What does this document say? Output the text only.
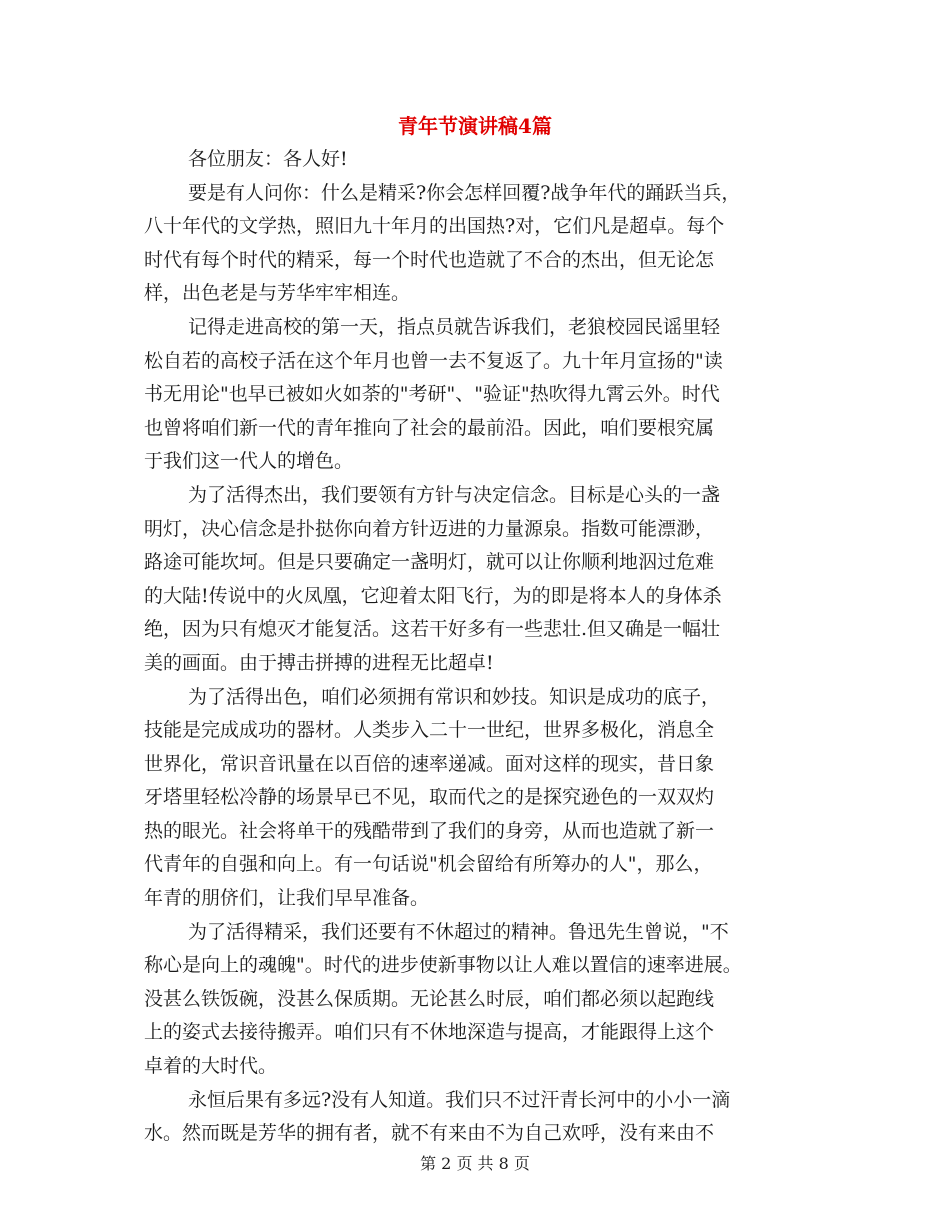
青年节演讲稿4篇
各位朋友：各人好!
要是有人问你：什么是精采?你会怎样回覆?战争年代的踊跃当兵，
八十年代的文学热，照旧九十年月的出国热?对，它们凡是超卓。每个
时代有每个时代的精采，每一个时代也造就了不合的杰出，但无论怎
样，出色老是与芳华牢牢相连。
记得走进高校的第一天，指点员就告诉我们，老狼校园民谣里轻
松自若的高校子活在这个年月也曾一去不复返了。九十年月宣扬的"读
书无用论"也早已被如火如荼的"考研"、"验证"热吹得九霄云外。时代
也曾将咱们新一代的青年推向了社会的最前沿。因此，咱们要根究属
于我们这一代人的增色。
为了活得杰出，我们要领有方针与决定信念。目标是心头的一盏
明灯，决心信念是扑挞你向着方针迈进的力量源泉。指数可能漂渺，
路途可能坎坷。但是只要确定一盏明灯，就可以让你顺利地泅过危难
的大陆!传说中的火凤凰，它迎着太阳飞行，为的即是将本人的身体杀
绝，因为只有熄灭才能复活。这若干好多有一些悲壮.但又确是一幅壮
美的画面。由于搏击拼搏的进程无比超卓!
为了活得出色，咱们必须拥有常识和妙技。知识是成功的底子，
技能是完成成功的器材。人类步入二十一世纪，世界多极化，消息全
世界化，常识音讯量在以百倍的速率递减。面对这样的现实，昔日象
牙塔里轻松冷静的场景早已不见，取而代之的是探究逊色的一双双灼
热的眼光。社会将单干的残酷带到了我们的身旁，从而也造就了新一
代青年的自强和向上。有一句话说"机会留给有所筹办的人"，那么，
年青的朋侪们，让我们早早准备。
为了活得精采，我们还要有不休超过的精神。鲁迅先生曾说，"不
称心是向上的魂魄"。时代的进步使新事物以让人难以置信的速率进展。
没甚么铁饭碗，没甚么保质期。无论甚么时辰，咱们都必须以起跑线
上的姿式去接待搬弄。咱们只有不休地深造与提高，才能跟得上这个
卓着的大时代。
永恒后果有多远?没有人知道。我们只不过汗青长河中的小小一滴
水。然而既是芳华的拥有者，就不有来由不为自己欢呼，没有来由不
第 2 页 共 8 页
